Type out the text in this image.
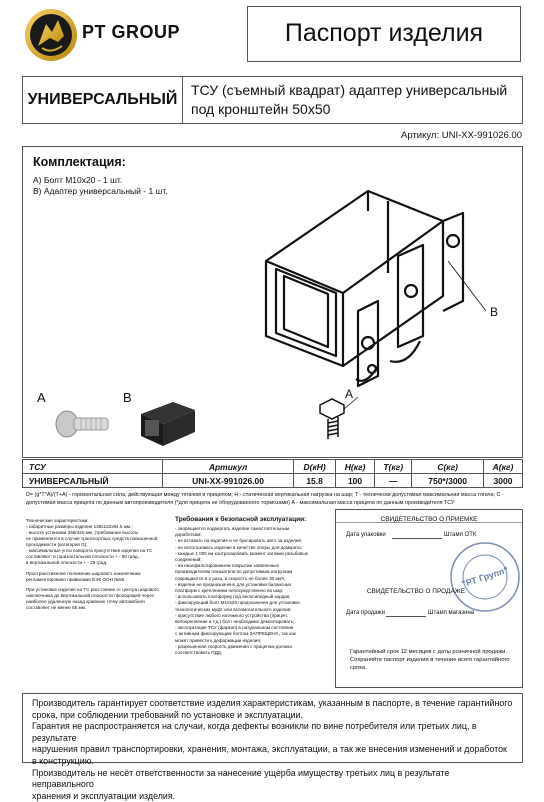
PT GROUP	Паспорт изделия
УНИВЕРСАЛЬНЫЙ
ТСУ (съемный квадрат) адаптер универсальный
под кронштейн 50х50
Артикул: UNI-XX-991026.00
Комплектация:
А) Болт М10х20 - 1 шт.
В) Адаптер универсальный - 1 шт.
B
A
A	B
ТСУ	Артикул	D(кН)	H(кг)	T(кг)	C(кг)	A(кг)
УНИВЕРСАЛЬНЫЙ	UNI-XX-991026.00	15.8	100	—	750*/3000	3000
D= (g*T*A)/(T+A) - горизонтальная сила, действующая между тягачом и прицепом; H - статическая вертикальная нагрузка на шар; T - технически допустимая максимальная масса тягача; C - допустимая масса прицепа по данным автопроизводителя (*для прицепа не оборудованного тормозами) A - максимальная масса прицепа по данным производителя ТСУ
Технические характеристики:
- габаритные размеры изделия 138х122х94.5 мм.;
- высота установки 358/420 мм. (требование высоты
не применяется в случае транспортных средств повышенной
проходимости (категория G);
- максимальные углы поворота присутствия изделия на ТС
составляют: в горизонтальной плоскости + - 60 град.,
в вертикальной плоскости + - 25 град.
Пространственное положение шарового наконечника
регламентировано правилами ЕЭК ООН №55.
При установке изделия на ТС расстояние от центра шарового
наконечника до вертикальной плоскости проходящей через
наиболее удаленную назад крайнюю точку автомобиля
составляет не менее 65 мм.
Требования к безопасной эксплуатации:
- запрещается подвергать изделие самостоятельным
доработкам;
- не вставать на изделие и не буксировать авто за изделие;
- не использовать изделие в качестве опоры для домкрата;
- каждые 1 000 км контролировать момент затяжки резьбовых
соединений;
- на неасфальтированном покрытии заявленные
производителем показатели по допустимым нагрузкам
сокращаются в 2 раза, а скорость не более 30 км/ч;
- изделие не предназначено для установки балансных
платформ с креплением непосредственно на шар;
- использовать платформу под велосипедный кардан;
- фиксирующий болт М10х20 предназначен для установки
технологических муфт или вспомогательного изделия;
- присутствие любого натяжного устройства (прицеп,
велокрепление и т.д.) болт необходимо демонтировать;
- эксплуатация ТСУ (фаркоп) в натуральном состоянии
с активным фиксирующим болтом ЗАПРЕЩЕНА, так как
может привести к деформации изделия;
- разрешенная скорость движения с прицепом должна
соответствовать ПДД.
СВИДЕТЕЛЬСТВО О ПРИЕМКЕ
Дата упаковки	Штамп ОТК
"РТ Групп"
СВИДЕТЕЛЬСТВО О ПРОДАЖЕ
Дата продажи	Штамп магазина
Гарантийный срок 12 месяцев с даты розничной продажи.
Сохраняйте паспорт изделия в течение всего гарантийного срока.
Производитель гарантирует соответствие изделия характеристикам, указанным в паспорте, в течение гарантийного
срока, при соблюдении требований по установке и эксплуатации.
Гарантия не распространяется на случаи, когда дефекты возникли по вине потребителя или третьих лиц, в результате
нарушения правил транспортировки, хранения, монтажа, эксплуатации, а так же внесения изменений и доработок
в конструкцию.
Производитель не несёт ответственности за нанесение ущерба имуществу третьих лиц в результате неправильного
хранения и эксплуатации изделия.
